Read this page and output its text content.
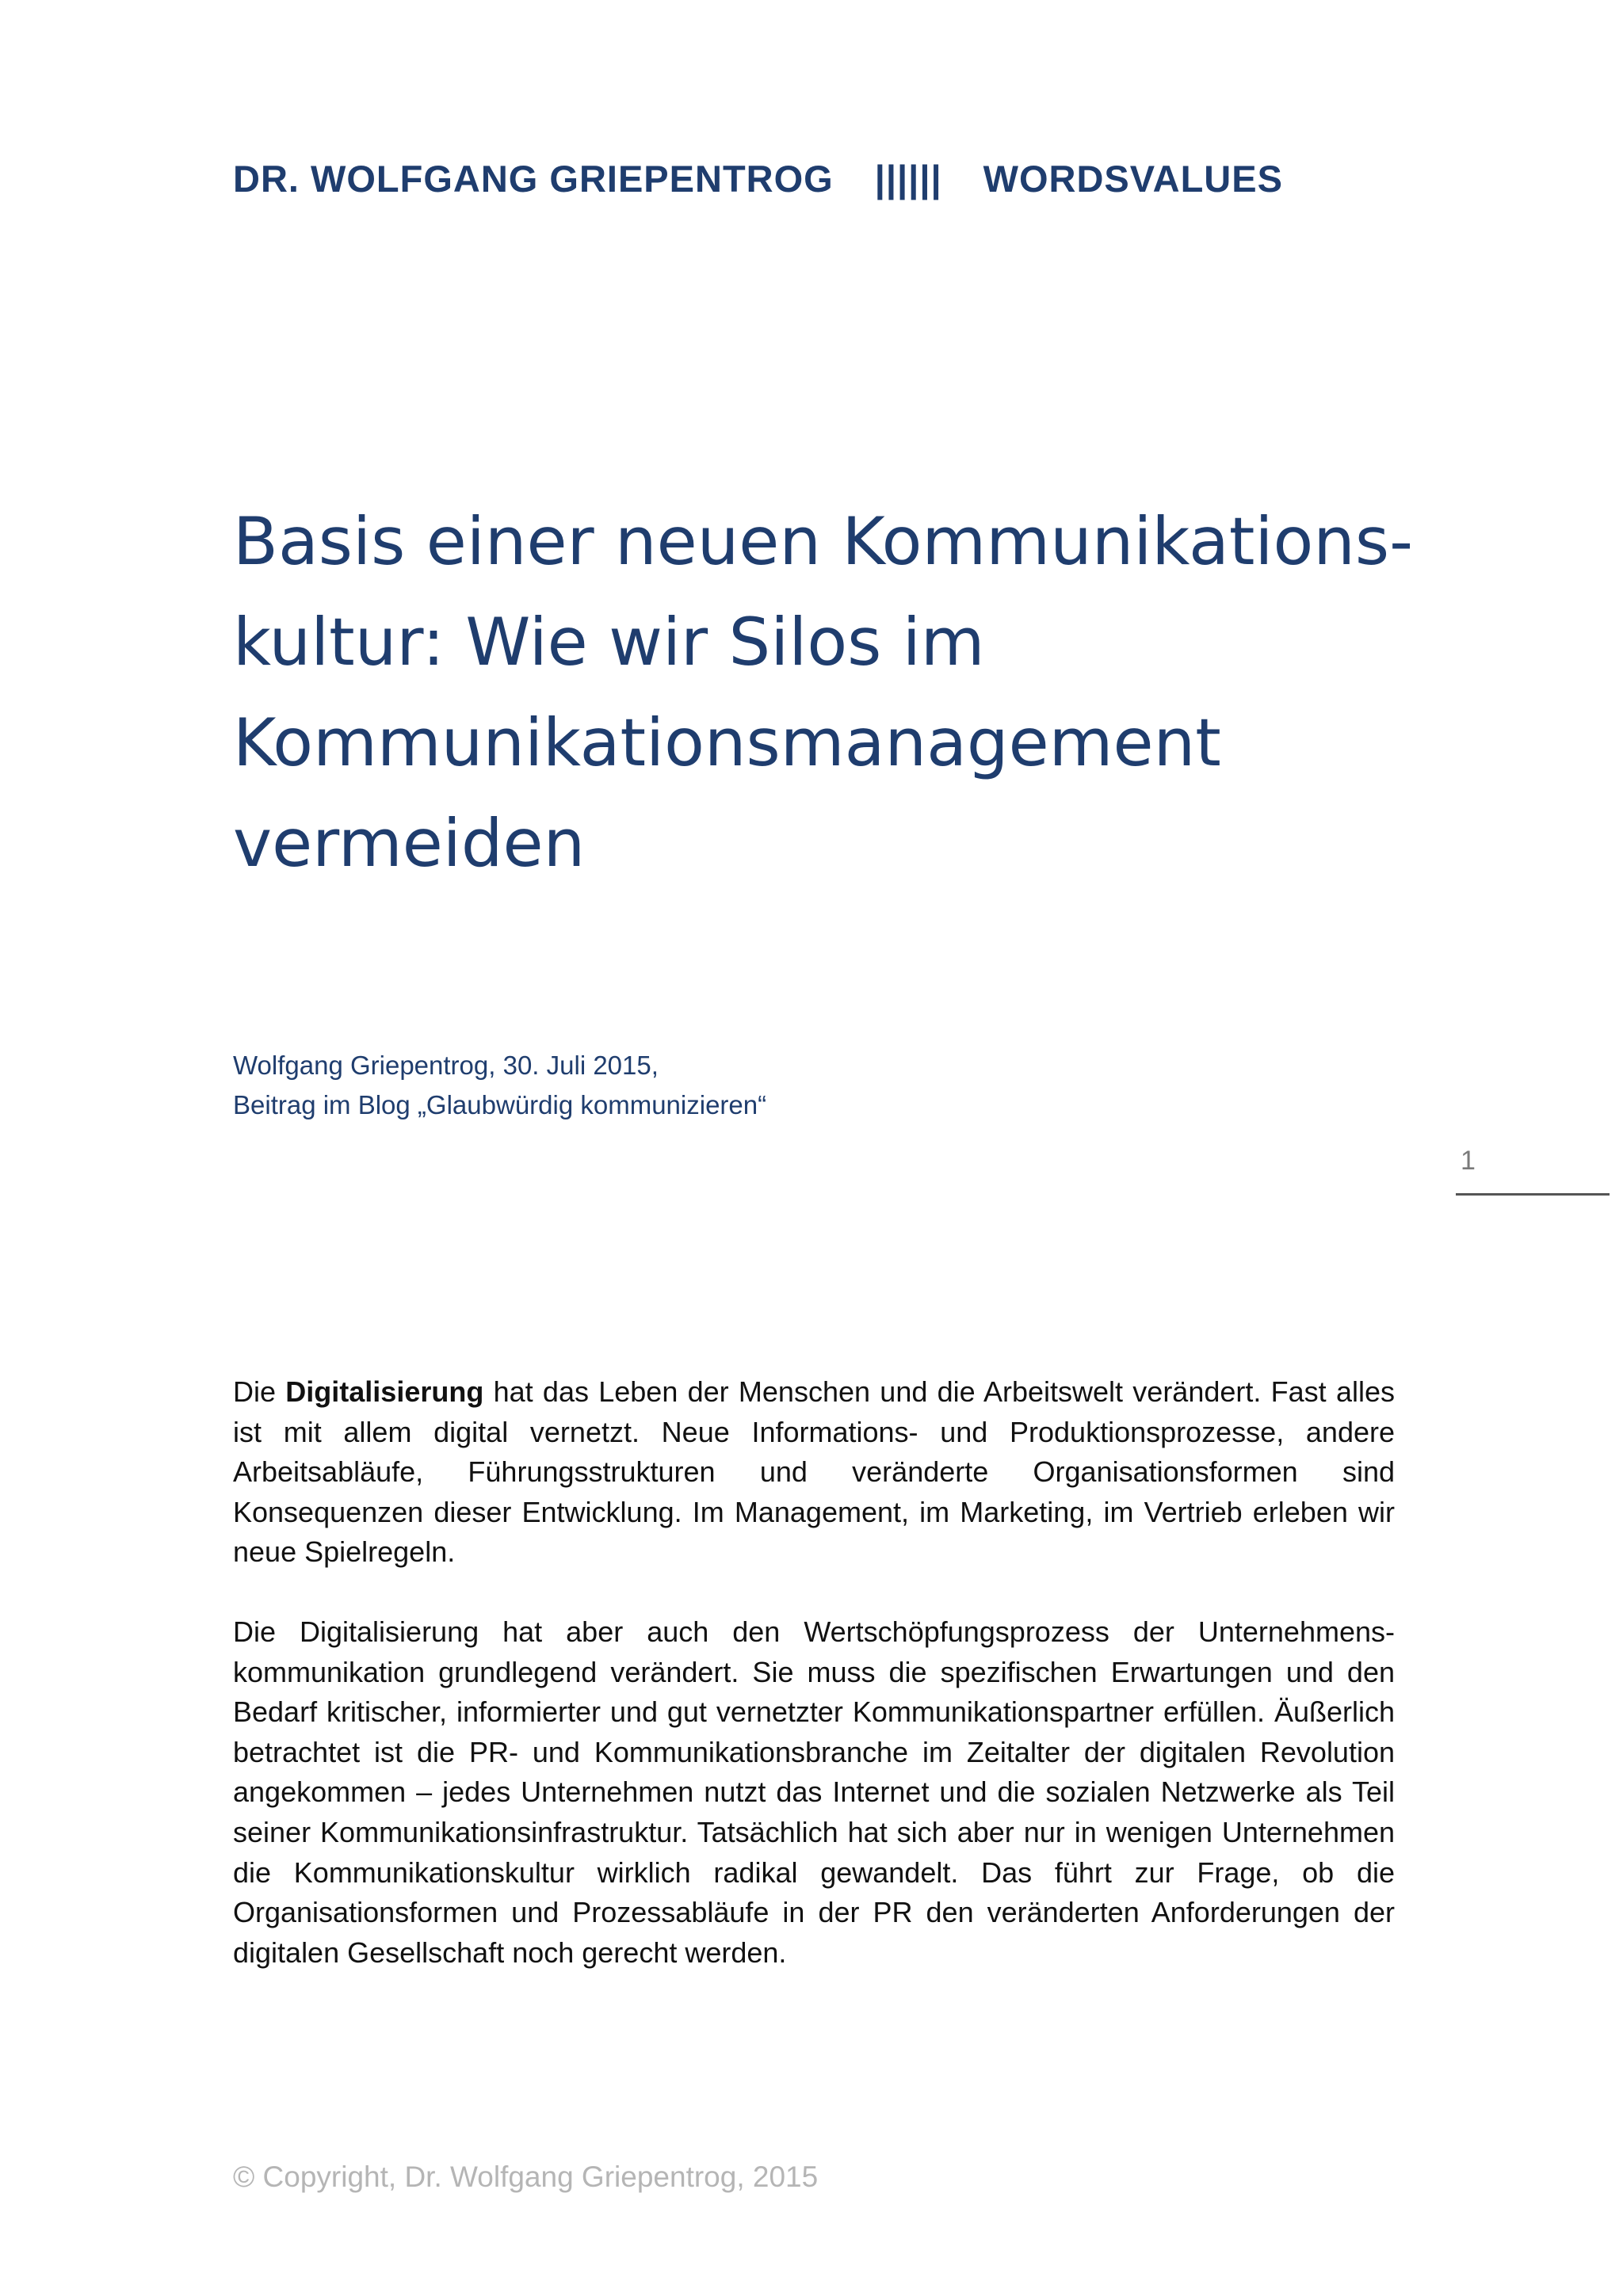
DR. WOLFGANG GRIEPENTROG |||||| WORDSVALUES
Basis einer neuen Kommunikations-
kultur: Wie wir Silos im
Kommunikationsmanagement
vermeiden
Wolfgang Griepentrog, 30. Juli 2015,
Beitrag im Blog „Glaubwürdig kommunizieren“
1

Die Digitalisierung hat das Leben der Menschen und die Arbeitswelt verändert. Fast alles ist mit allem digital vernetzt. Neue Informations- und Produktionsprozesse, andere Arbeitsabläufe, Führungsstrukturen und veränderte Organisationsformen sind Konsequenzen dieser Entwicklung. Im Management, im Marketing, im Vertrieb erleben wir neue Spielregeln.

Die Digitalisierung hat aber auch den Wertschöpfungsprozess der Unternehmens-kommunikation grundlegend verändert. Sie muss die spezifischen Erwartungen und den Bedarf kritischer, informierter und gut vernetzter Kommunikationspartner erfüllen. Äußerlich betrachtet ist die PR- und Kommunikationsbranche im Zeitalter der digitalen Revolution angekommen – jedes Unternehmen nutzt das Internet und die sozialen Netzwerke als Teil seiner Kommunikationsinfrastruktur. Tatsächlich hat sich aber nur in wenigen Unternehmen die Kommunikationskultur wirklich radikal gewandelt. Das führt zur Frage, ob die Organisationsformen und Prozessabläufe in der PR den veränderten Anforderungen der digitalen Gesellschaft noch gerecht werden.

© Copyright, Dr. Wolfgang Griepentrog, 2015
